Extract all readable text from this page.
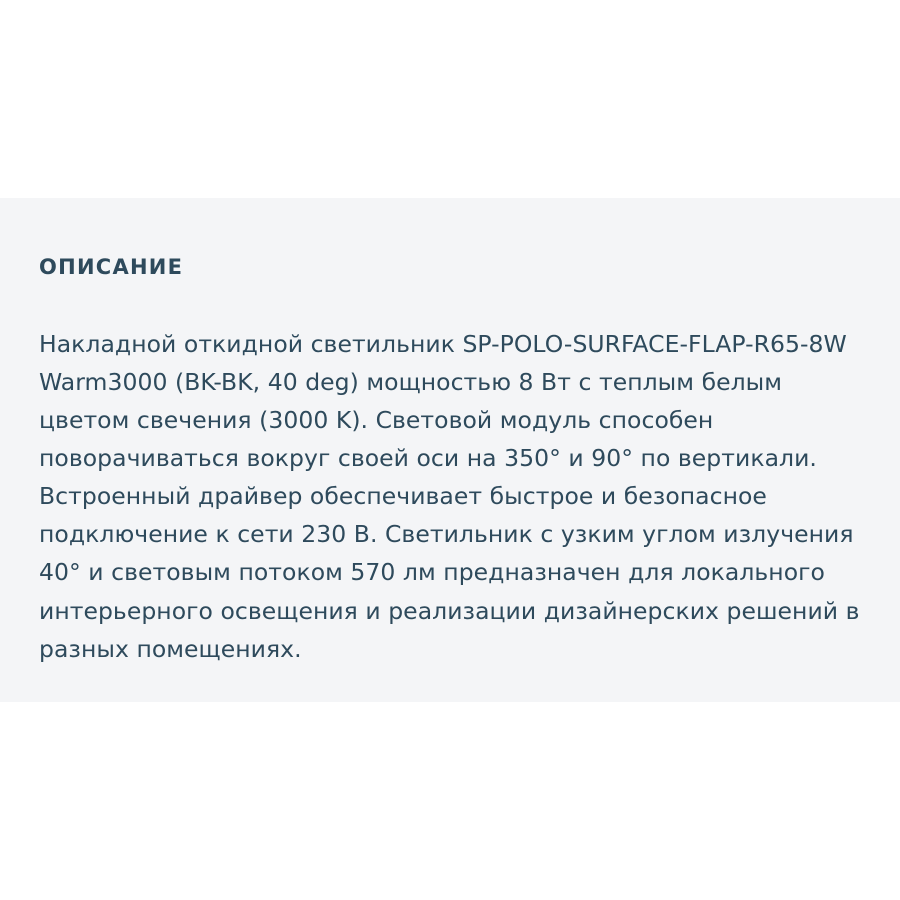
ОПИСАНИЕ

Накладной откидной светильник SP-POLO-SURFACE-FLAP-R65-8W Warm3000 (BK-BK, 40 deg) мощностью 8 Вт с теплым белым цветом свечения (3000 K). Световой модуль способен поворачиваться вокруг своей оси на 350° и 90° по вертикали. Встроенный драйвер обеспечивает быстрое и безопасное подключение к сети 230 В. Светильник с узким углом излучения 40° и световым потоком 570 лм предназначен для локального интерьерного освещения и реализации дизайнерских решений в разных помещениях.
